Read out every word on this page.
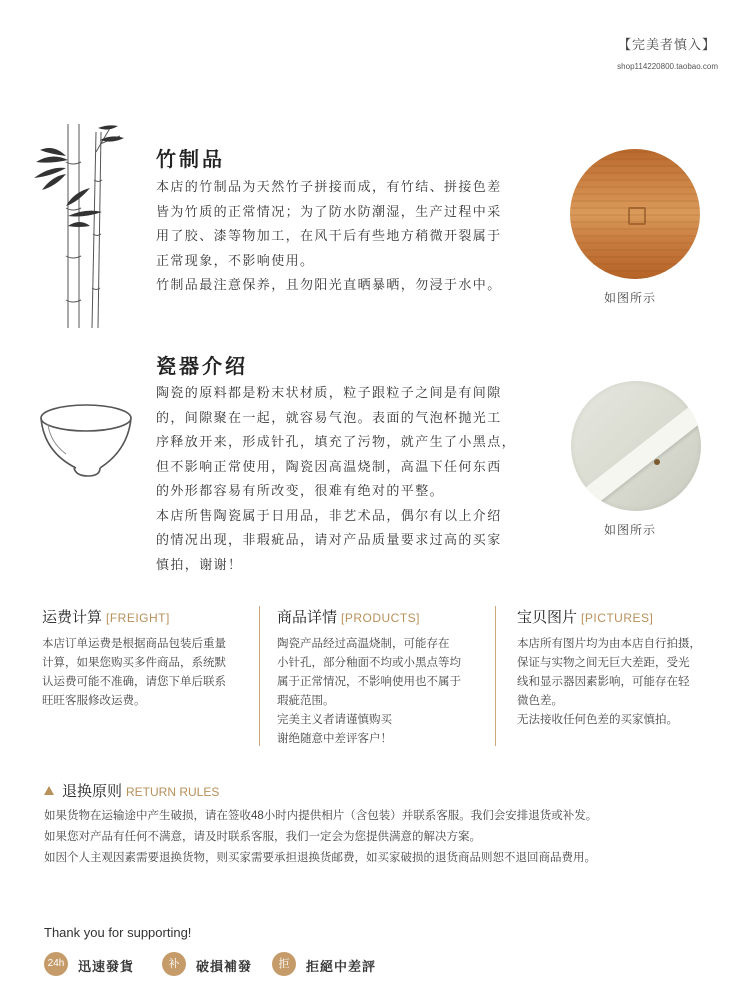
【完美者慎入】
shop114220800.taobao.com
竹制品

本店的竹制品为天然竹子拼接而成，有竹结、拼接色差

皆为竹质的正常情况；为了防水防潮湿，生产过程中采

用了胶、漆等物加工，在风干后有些地方稍微开裂属于

正常现象，不影响使用。

竹制品最注意保养，且勿阳光直晒暴晒，勿浸于水中。

如图所示
瓷器介绍

陶瓷的原料都是粉末状材质，粒子跟粒子之间是有间隙

的，间隙聚在一起，就容易气泡。表面的气泡杯抛光工

序释放开来，形成针孔，填充了污物，就产生了小黑点，

但不影响正常使用，陶瓷因高温烧制，高温下任何东西

的外形都容易有所改变，很难有绝对的平整。

本店所售陶瓷属于日用品，非艺术品，偶尔有以上介绍

的情况出现，非瑕疵品，请对产品质量要求过高的买家

慎拍，谢谢！

如图所示
运费计算 [FREIGHT]

本店订单运费是根据商品包装后重量

计算，如果您购买多件商品，系统默

认运费可能不准确，请您下单后联系

旺旺客服修改运费。

商品详情 [PRODUCTS]

陶瓷产品经过高温烧制，可能存在

小针孔，部分釉面不均或小黑点等均

属于正常情况，不影响使用也不属于

瑕疵范围。

完美主义者请谨慎购买

谢绝随意中差评客户！

宝贝图片 [PICTURES]

本店所有图片均为由本店自行拍摄，

保证与实物之间无巨大差距，受光

线和显示器因素影响，可能存在轻

微色差。

无法接收任何色差的买家慎拍。

退换原则 RETURN RULES

如果货物在运输途中产生破损，请在签收48小时内提供相片（含包装）并联系客服。我们会安排退货或补发。

如果您对产品有任何不满意，请及时联系客服，我们一定会为您提供满意的解决方案。

如因个人主观因素需要退换货物，则买家需要承担退换货邮费，如买家破损的退货商品则恕不退回商品费用。

Thank you for supporting!
24h 迅速發貨	补	破損補發	拒	拒絕中差評
